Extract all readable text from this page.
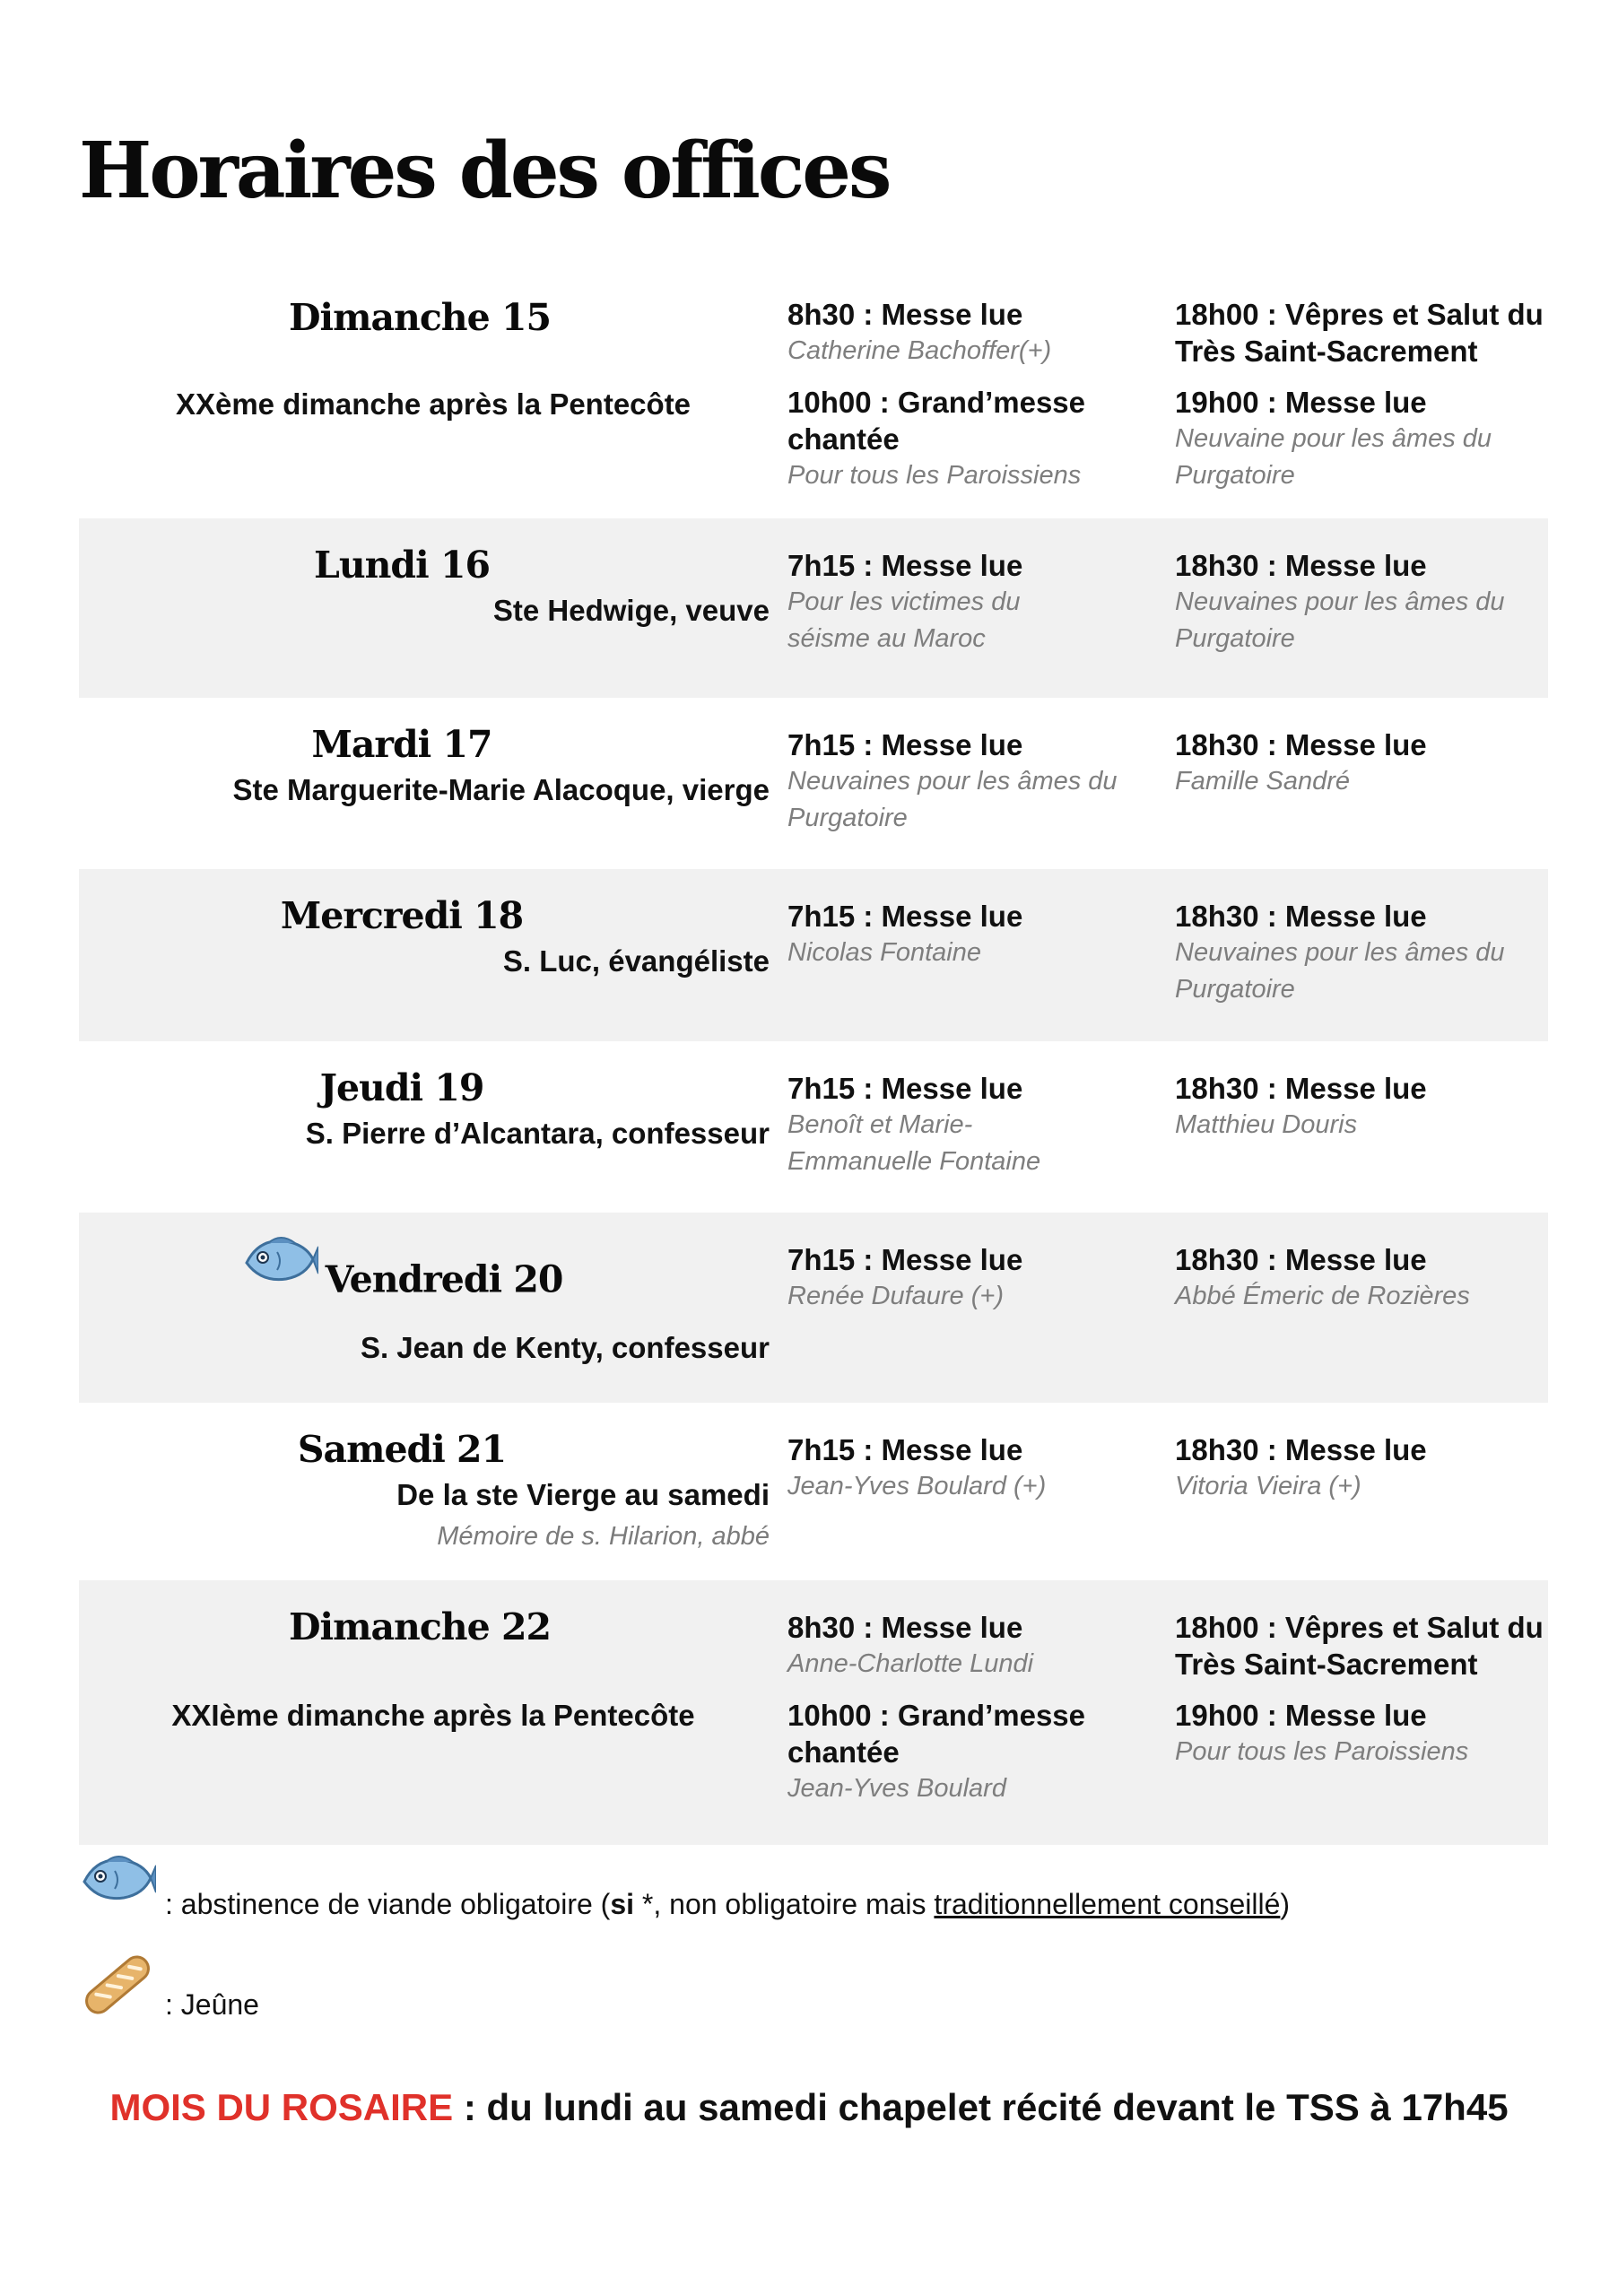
Horaires des offices
Dimanche 15
XXème dimanche après la Pentecôte
8h30 : Messe lue
Catherine Bachoffer(+)
10h00 : Grand’messe chantée
Pour tous les Paroissiens
18h00 : Vêpres et Salut du Très Saint-Sacrement
19h00 : Messe lue
Neuvaine pour les âmes du Purgatoire
Lundi 16
Ste Hedwige, veuve
7h15 : Messe lue
Pour les victimes du séisme au Maroc
18h30 : Messe lue
Neuvaines pour les âmes du Purgatoire
Mardi 17
Ste Marguerite-Marie Alacoque, vierge
7h15 : Messe lue
Neuvaines pour les âmes du Purgatoire
18h30 : Messe lue
Famille Sandré
Mercredi 18
S. Luc, évangéliste
7h15 : Messe lue
Nicolas Fontaine
18h30 : Messe lue
Neuvaines pour les âmes du Purgatoire
Jeudi 19
S. Pierre d’Alcantara, confesseur
7h15 : Messe lue
Benoît et Marie-Emmanuelle Fontaine
18h30 : Messe lue
Matthieu Douris
Vendredi 20
S. Jean de Kenty, confesseur
7h15 : Messe lue
Renée Dufaure (+)
18h30 : Messe lue
Abbé Émeric de Rozières
Samedi 21
De la ste Vierge au samedi
Mémoire de s. Hilarion, abbé
7h15 : Messe lue
Jean-Yves Boulard (+)
18h30 : Messe lue
Vitoria Vieira (+)
Dimanche 22
XXIème dimanche après la Pentecôte
8h30 : Messe lue
Anne-Charlotte Lundi
10h00 : Grand’messe chantée
Jean-Yves Boulard
18h00 : Vêpres et Salut du Très Saint-Sacrement
19h00 : Messe lue
Pour tous les Paroissiens
: abstinence de viande obligatoire (si *, non obligatoire mais traditionnellement conseillé)
: Jeûne
MOIS DU ROSAIRE : du lundi au samedi chapelet récité devant le TSS à 17h45
